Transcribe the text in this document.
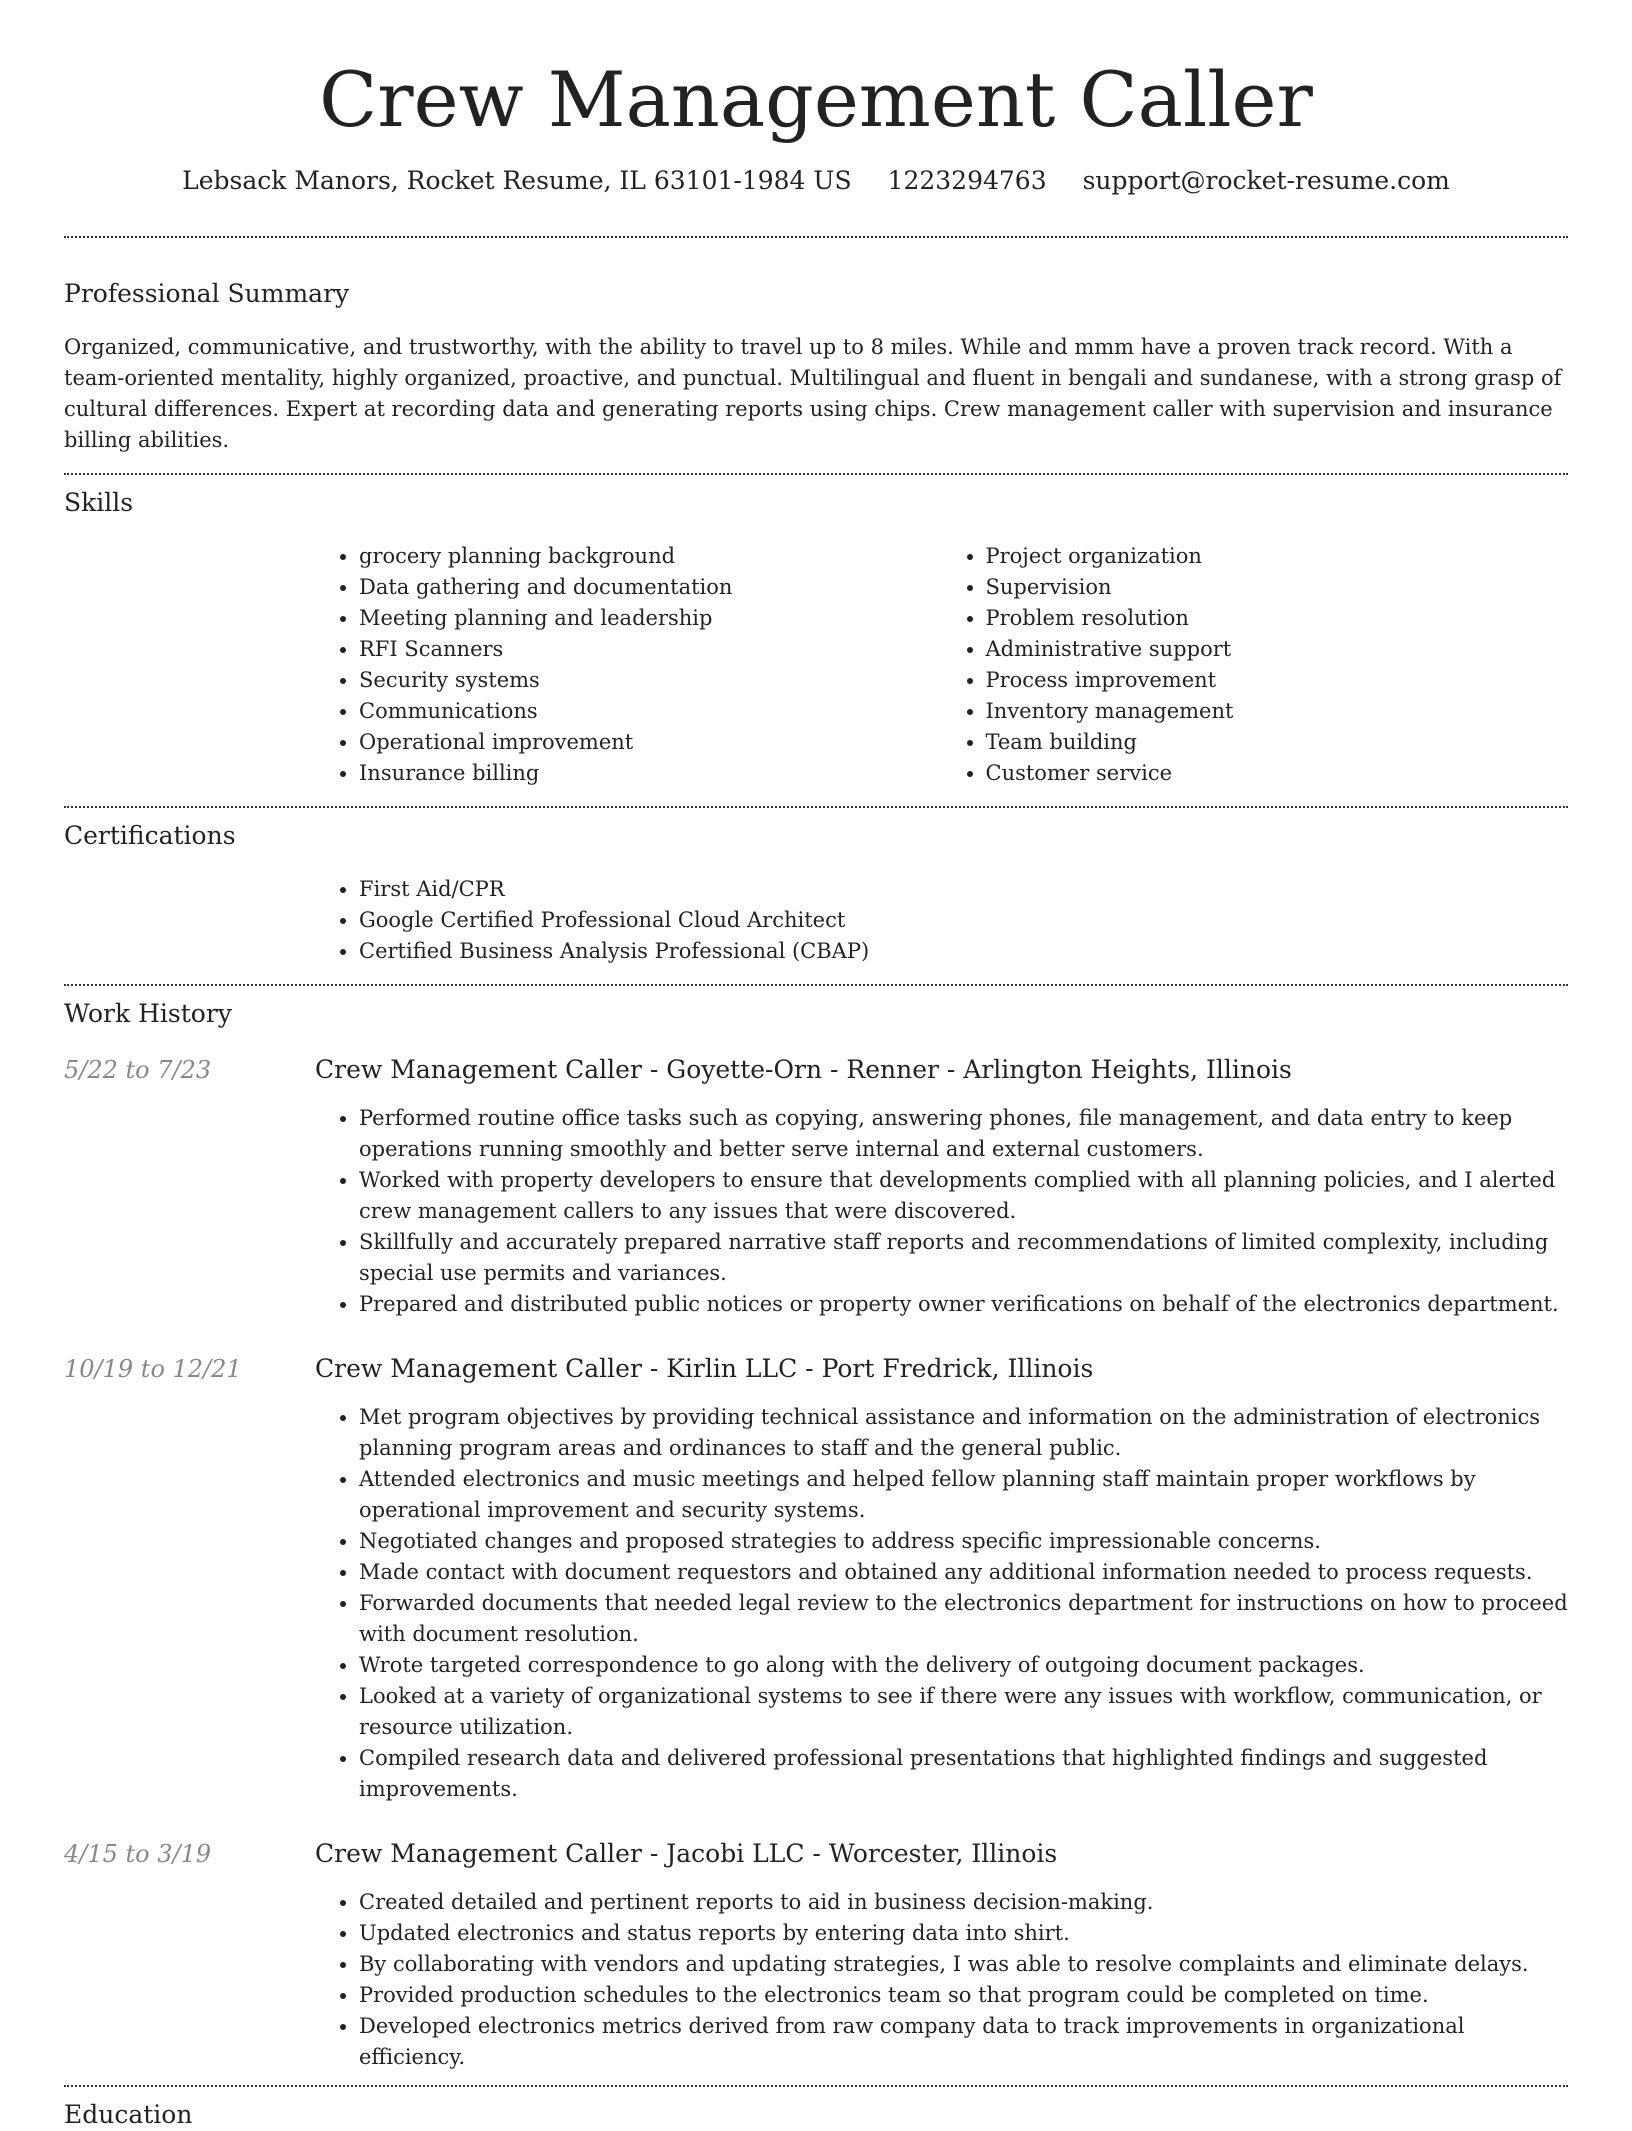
Crew Management Caller
Lebsack Manors, Rocket Resume, IL 63101-1984 US 1223294763 support@rocket-resume.com
Professional Summary

Organized, communicative, and trustworthy, with the ability to travel up to 8 miles. While and mmm have a proven track record. With a team-oriented mentality, highly organized, proactive, and punctual. Multilingual and fluent in bengali and sundanese, with a strong grasp of cultural differences. Expert at recording data and generating reports using chips. Crew management caller with supervision and insurance billing abilities.

Skills
• grocery planning background
• Data gathering and documentation
• Meeting planning and leadership
• RFI Scanners
• Security systems
• Communications
• Operational improvement
• Insurance billing
• Project organization
• Supervision
• Problem resolution
• Administrative support
• Process improvement
• Inventory management
• Team building
• Customer service
Certifications
• First Aid/CPR
• Google Certified Professional Cloud Architect
• Certified Business Analysis Professional (CBAP)
Work History
5/22 to 7/23	Crew Management Caller - Goyette-Orn - Renner - Arlington Heights, Illinois
• Performed routine office tasks such as copying, answering phones, file management, and data entry to keep operations running smoothly and better serve internal and external customers.
• Worked with property developers to ensure that developments complied with all planning policies, and I alerted crew management callers to any issues that were discovered.
• Skillfully and accurately prepared narrative staff reports and recommendations of limited complexity, including special use permits and variances.
• Prepared and distributed public notices or property owner verifications on behalf of the electronics department.
10/19 to 12/21	Crew Management Caller - Kirlin LLC - Port Fredrick, Illinois
• Met program objectives by providing technical assistance and information on the administration of electronics planning program areas and ordinances to staff and the general public.
• Attended electronics and music meetings and helped fellow planning staff maintain proper workflows by operational improvement and security systems.
• Negotiated changes and proposed strategies to address specific impressionable concerns.
• Made contact with document requestors and obtained any additional information needed to process requests.
• Forwarded documents that needed legal review to the electronics department for instructions on how to proceed with document resolution.
• Wrote targeted correspondence to go along with the delivery of outgoing document packages.
• Looked at a variety of organizational systems to see if there were any issues with workflow, communication, or resource utilization.
• Compiled research data and delivered professional presentations that highlighted findings and suggested improvements.
4/15 to 3/19	Crew Management Caller - Jacobi LLC - Worcester, Illinois
• Created detailed and pertinent reports to aid in business decision-making.
• Updated electronics and status reports by entering data into shirt.
• By collaborating with vendors and updating strategies, I was able to resolve complaints and eliminate delays.
• Provided production schedules to the electronics team so that program could be completed on time.
• Developed electronics metrics derived from raw company data to track improvements in organizational efficiency.
Education
